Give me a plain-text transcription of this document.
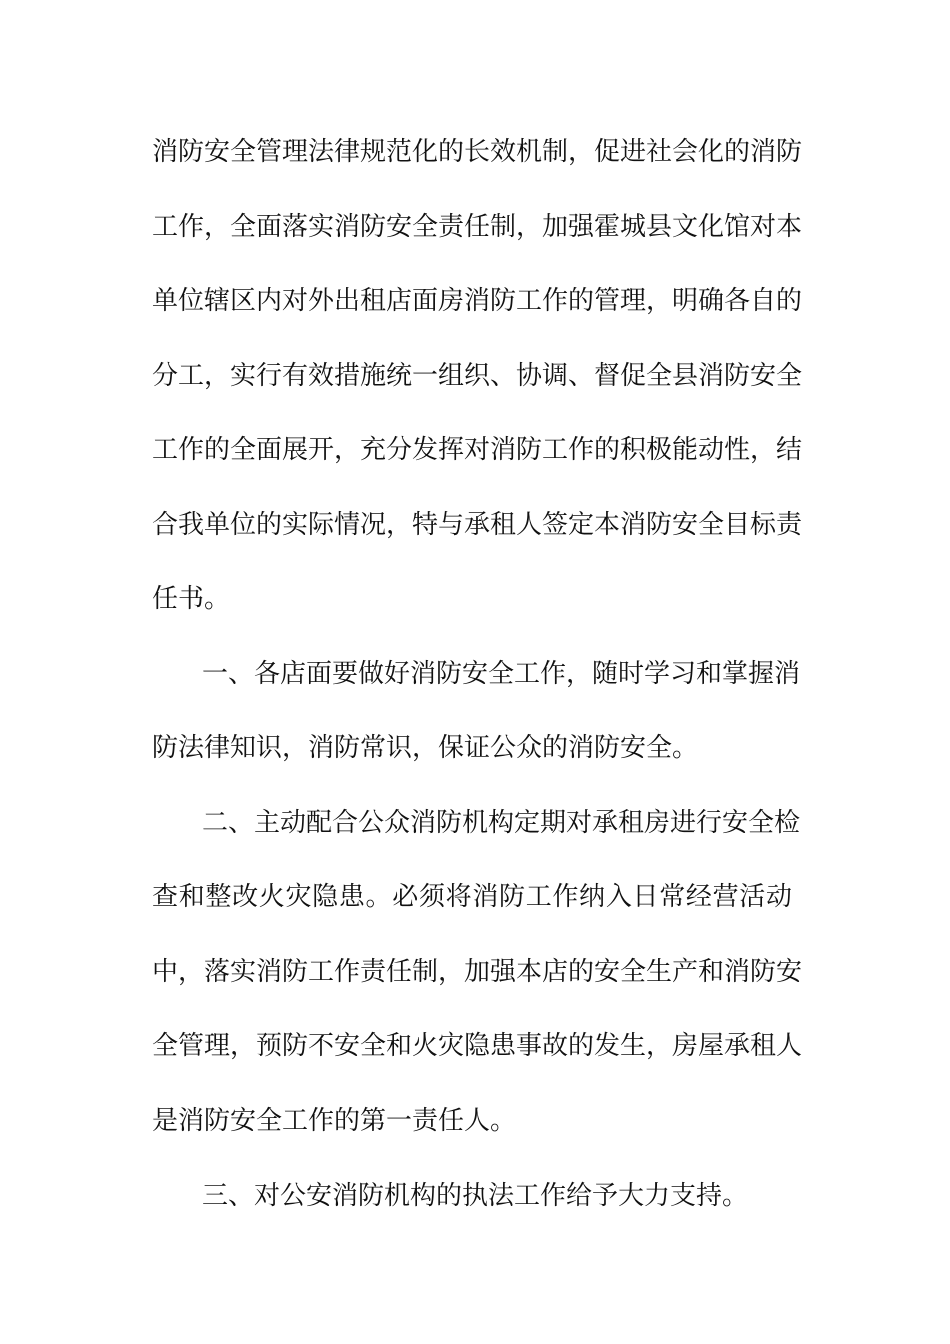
消防安全管理法律规范化的长效机制，促进社会化的消防
工作，全面落实消防安全责任制，加强霍城县文化馆对本
单位辖区内对外出租店面房消防工作的管理，明确各自的
分工，实行有效措施统一组织、协调、督促全县消防安全
工作的全面展开，充分发挥对消防工作的积极能动性，结
合我单位的实际情况，特与承租人签定本消防安全目标责
任书。
一、各店面要做好消防安全工作，随时学习和掌握消
防法律知识，消防常识，保证公众的消防安全。
二、主动配合公众消防机构定期对承租房进行安全检
查和整改火灾隐患。必须将消防工作纳入日常经营活动
中，落实消防工作责任制，加强本店的安全生产和消防安
全管理，预防不安全和火灾隐患事故的发生，房屋承租人
是消防安全工作的第一责任人。
三、对公安消防机构的执法工作给予大力支持。
